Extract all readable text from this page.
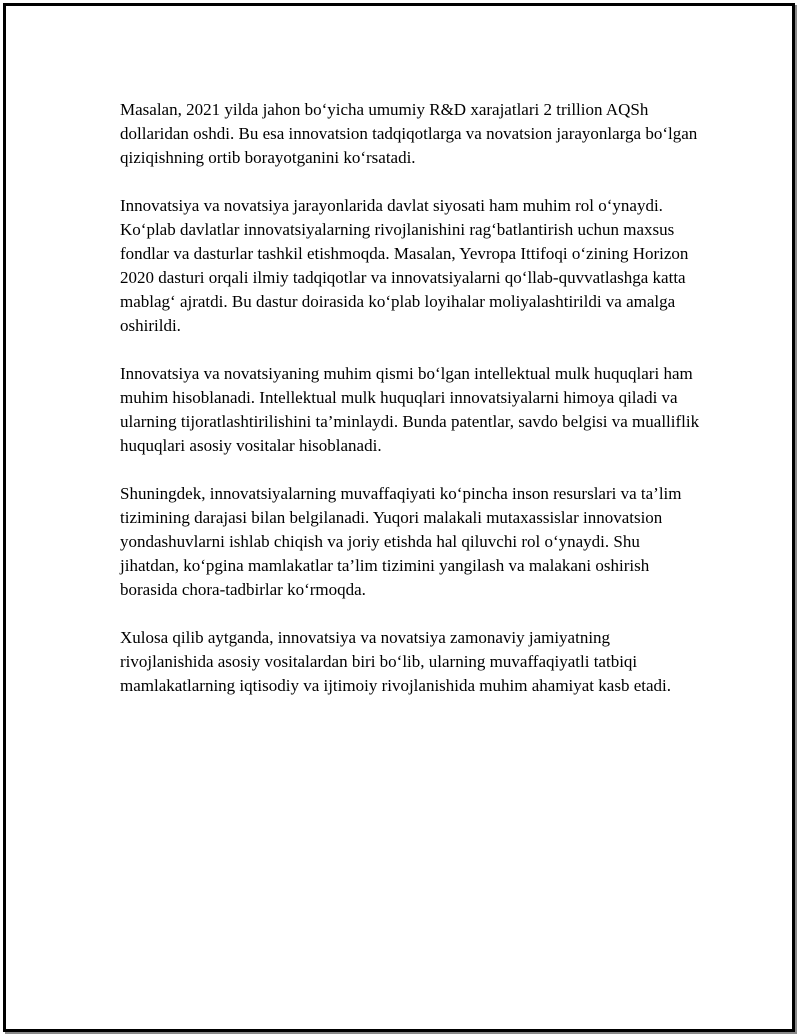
Masalan, 2021 yilda jahon bo‘yicha umumiy R&D xarajatlari 2 trillion AQSh dollaridan oshdi. Bu esa innovatsion tadqiqotlarga va novatsion jarayonlarga bo‘lgan qiziqishning ortib borayotganini ko‘rsatadi.

Innovatsiya va novatsiya jarayonlarida davlat siyosati ham muhim rol o‘ynaydi. Ko‘plab davlatlar innovatsiyalarning rivojlanishini rag‘batlantirish uchun maxsus fondlar va dasturlar tashkil etishmoqda. Masalan, Yevropa Ittifoqi o‘zining Horizon 2020 dasturi orqali ilmiy tadqiqotlar va innovatsiyalarni qo‘llab-quvvatlashga katta mablag‘ ajratdi. Bu dastur doirasida ko‘plab loyihalar moliyalashtirildi va amalga oshirildi.

Innovatsiya va novatsiyaning muhim qismi bo‘lgan intellektual mulk huquqlari ham muhim hisoblanadi. Intellektual mulk huquqlari innovatsiyalarni himoya qiladi va ularning tijoratlashtirilishini ta’minlaydi. Bunda patentlar, savdo belgisi va mualliflik huquqlari asosiy vositalar hisoblanadi.

Shuningdek, innovatsiyalarning muvaffaqiyati ko‘pincha inson resurslari va ta’lim tizimining darajasi bilan belgilanadi. Yuqori malakali mutaxassislar innovatsion yondashuvlarni ishlab chiqish va joriy etishda hal qiluvchi rol o‘ynaydi. Shu jihatdan, ko‘pgina mamlakatlar ta’lim tizimini yangilash va malakani oshirish borasida chora-tadbirlar ko‘rmoqda.

Xulosa qilib aytganda, innovatsiya va novatsiya zamonaviy jamiyatning rivojlanishida asosiy vositalardan biri bo‘lib, ularning muvaffaqiyatli tatbiqi mamlakatlarning iqtisodiy va ijtimoiy rivojlanishida muhim ahamiyat kasb etadi.
